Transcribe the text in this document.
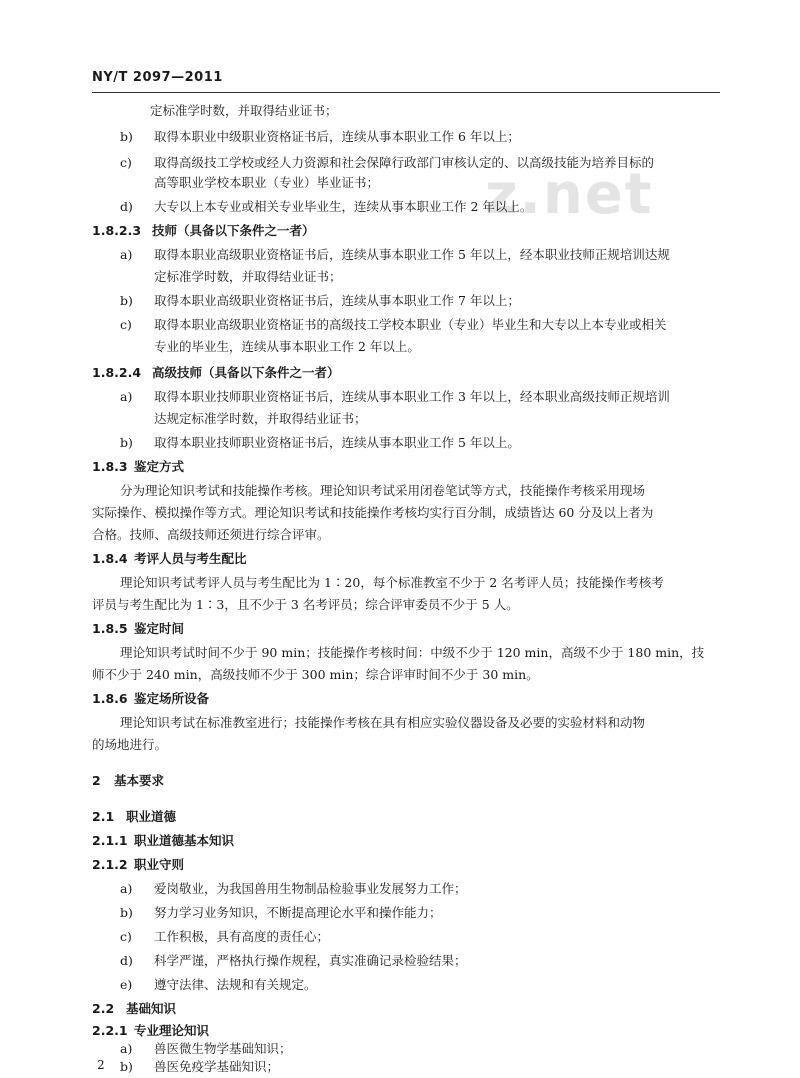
z.net
NY/T 2097—2011
定标准学时数，并取得结业证书；
b) 取得本职业中级职业资格证书后，连续从事本职业工作 6 年以上；
c) 取得高级技工学校或经人力资源和社会保障行政部门审核认定的、以高级技能为培养目标的
高等职业学校本职业（专业）毕业证书；
d) 大专以上本专业或相关专业毕业生，连续从事本职业工作 2 年以上。
1.8.2.3 技师（具备以下条件之一者）
a) 取得本职业高级职业资格证书后，连续从事本职业工作 5 年以上，经本职业技师正规培训达规
定标准学时数，并取得结业证书；
b) 取得本职业高级职业资格证书后，连续从事本职业工作 7 年以上；
c) 取得本职业高级职业资格证书的高级技工学校本职业（专业）毕业生和大专以上本专业或相关
专业的毕业生，连续从事本职业工作 2 年以上。
1.8.2.4 高级技师（具备以下条件之一者）
a) 取得本职业技师职业资格证书后，连续从事本职业工作 3 年以上，经本职业高级技师正规培训
达规定标准学时数，并取得结业证书；
b) 取得本职业技师职业资格证书后，连续从事本职业工作 5 年以上。
1.8.3 鉴定方式
分为理论知识考试和技能操作考核。理论知识考试采用闭卷笔试等方式，技能操作考核采用现场
实际操作、模拟操作等方式。理论知识考试和技能操作考核均实行百分制，成绩皆达 60 分及以上者为
合格。技师、高级技师还须进行综合评审。
1.8.4 考评人员与考生配比
理论知识考试考评人员与考生配比为 1∶20，每个标准教室不少于 2 名考评人员；技能操作考核考
评员与考生配比为 1∶3，且不少于 3 名考评员；综合评审委员不少于 5 人。
1.8.5 鉴定时间
理论知识考试时间不少于 90 min；技能操作考核时间：中级不少于 120 min，高级不少于 180 min，技
师不少于 240 min，高级技师不少于 300 min；综合评审时间不少于 30 min。
1.8.6 鉴定场所设备
理论知识考试在标准教室进行；技能操作考核在具有相应实验仪器设备及必要的实验材料和动物
的场地进行。
2 基本要求
2.1 职业道德
2.1.1 职业道德基本知识
2.1.2 职业守则
a) 爱岗敬业，为我国兽用生物制品检验事业发展努力工作；
b) 努力学习业务知识，不断提高理论水平和操作能力；
c) 工作积极，具有高度的责任心；
d) 科学严谨，严格执行操作规程，真实准确记录检验结果；
e) 遵守法律、法规和有关规定。
2.2 基础知识
2.2.1 专业理论知识
a) 兽医微生物学基础知识；
b) 兽医免疫学基础知识；
2
